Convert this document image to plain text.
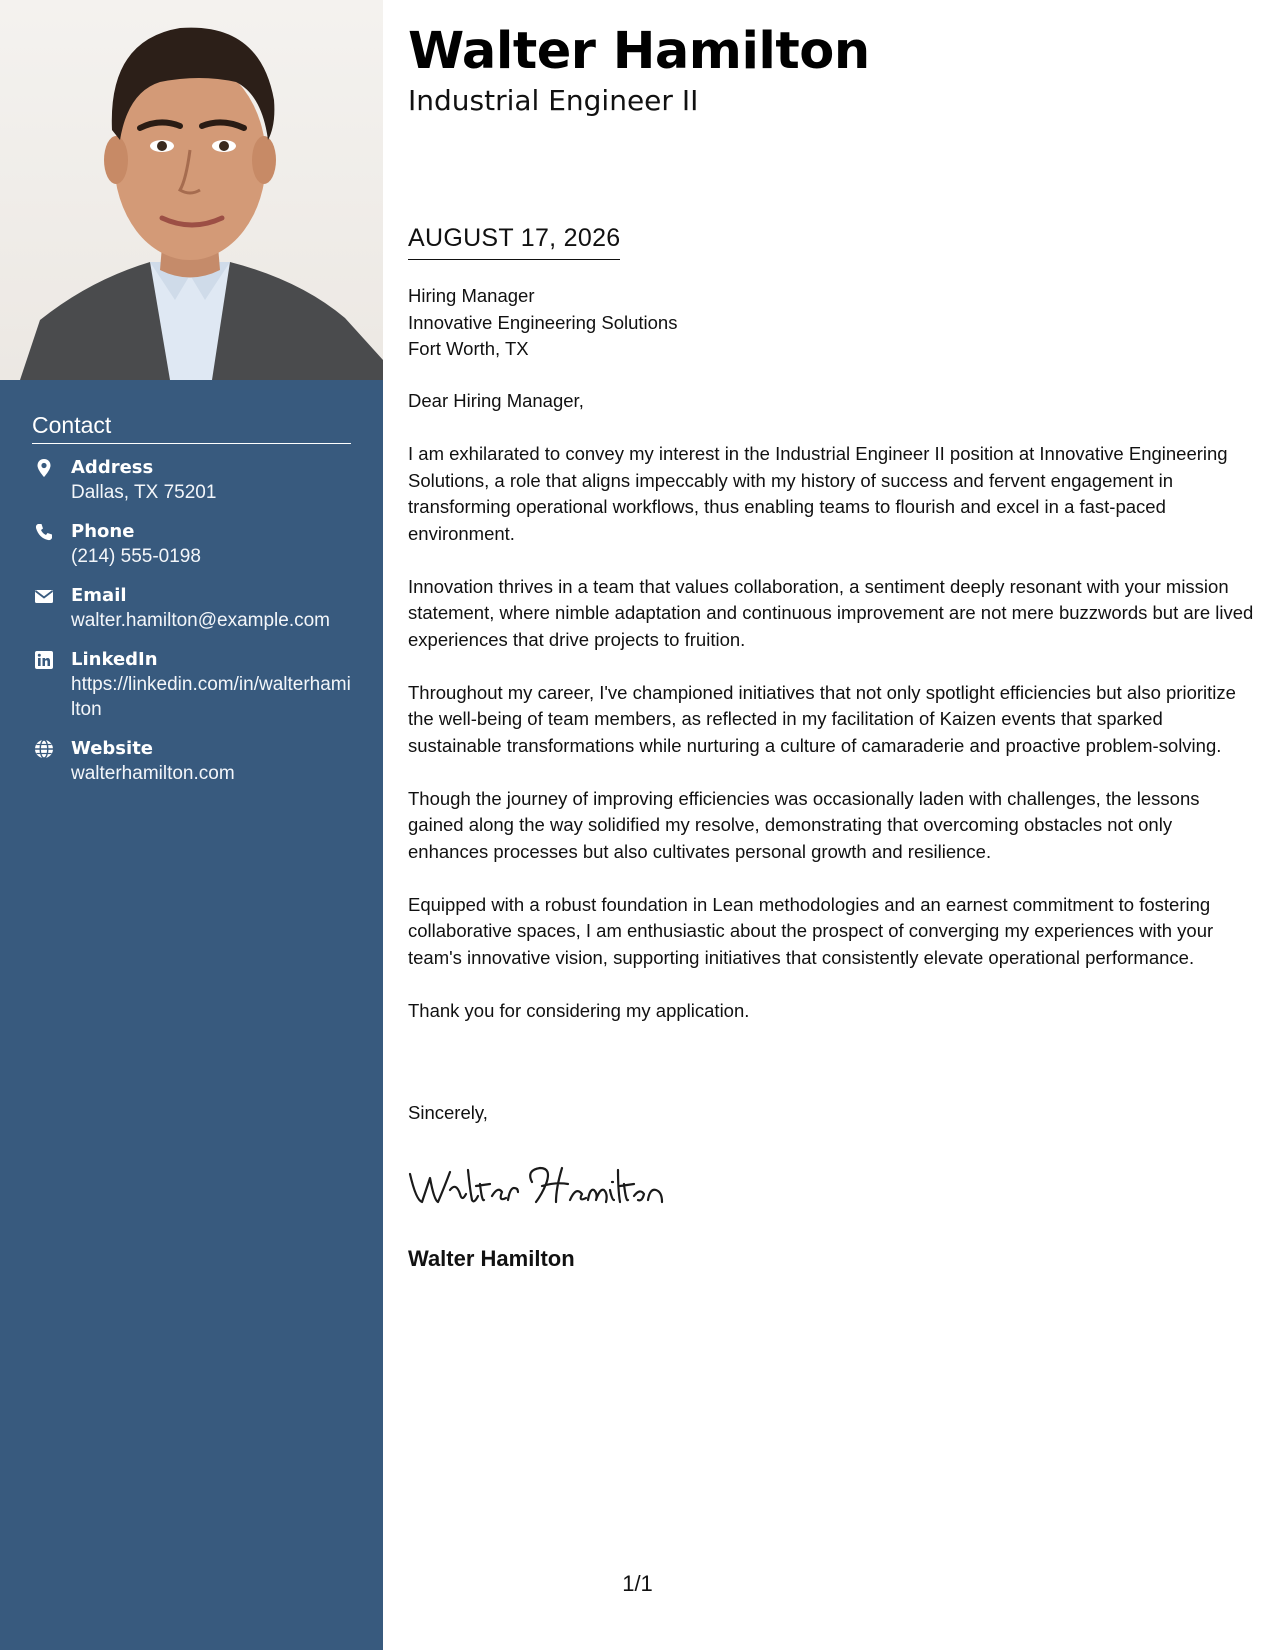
Contact
Address
Dallas, TX 75201
Phone
(214) 555-0198
Email
walter.hamilton@example.com
LinkedIn
https://linkedin.com/in/walterhamilton
Website
walterhamilton.com
Walter Hamilton
Industrial Engineer II
AUGUST 17, 2026
Hiring Manager
Innovative Engineering Solutions
Fort Worth, TX

Dear Hiring Manager,

I am exhilarated to convey my interest in the Industrial Engineer II position at Innovative Engineering Solutions, a role that aligns impeccably with my history of success and fervent engagement in transforming operational workflows, thus enabling teams to flourish and excel in a fast-paced environment.

Innovation thrives in a team that values collaboration, a sentiment deeply resonant with your mission statement, where nimble adaptation and continuous improvement are not mere buzzwords but are lived experiences that drive projects to fruition.

Throughout my career, I've championed initiatives that not only spotlight efficiencies but also prioritize the well-being of team members, as reflected in my facilitation of Kaizen events that sparked sustainable transformations while nurturing a culture of camaraderie and proactive problem-solving.

Though the journey of improving efficiencies was occasionally laden with challenges, the lessons gained along the way solidified my resolve, demonstrating that overcoming obstacles not only enhances processes but also cultivates personal growth and resilience.

Equipped with a robust foundation in Lean methodologies and an earnest commitment to fostering collaborative spaces, I am enthusiastic about the prospect of converging my experiences with your team's innovative vision, supporting initiatives that consistently elevate operational performance.

Thank you for considering my application.

Sincerely,
Walter Hamilton
1/1
